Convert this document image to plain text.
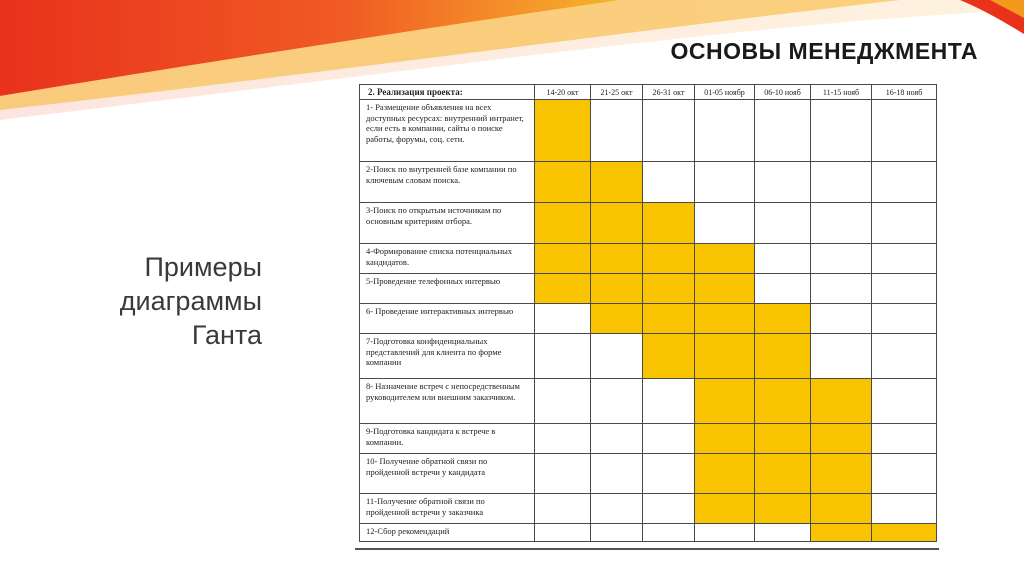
ОСНОВЫ МЕНЕДЖМЕНТА
Примеры
диаграммы
Ганта
2. Реализация проекта:	14-20 окт	21-25 окт	26-31 окт	01-05 ноябр	06-10 нояб	11-15 нояб	16-18 нояб
1- Размещение объявления на всех доступных ресурсах: внутренний интранет, если есть в компании, сайты о поиске работы, форумы, соц. сети.							
2-Поиск по внутренней базе компании по ключевым словам поиска.							
3-Поиск по открытым источникам по основным критериям отбора.							
4-Формирование списка потенциальных кандидатов.							
5-Проведение телефонных интервью							
6- Проведение интерактивных интервью							
7-Подготовка конфиденциальных представлений для клиента по форме компании							
8- Назначение встреч с непосредственным руководителем или внешним заказчиком.							
9-Подготовка кандидата к встрече в компании.							
10- Получение обратной связи по пройденной встречи у кандидата							
11-Получение обратной связи по пройденной встречи у заказчика							
12-Сбор рекомендаций							
